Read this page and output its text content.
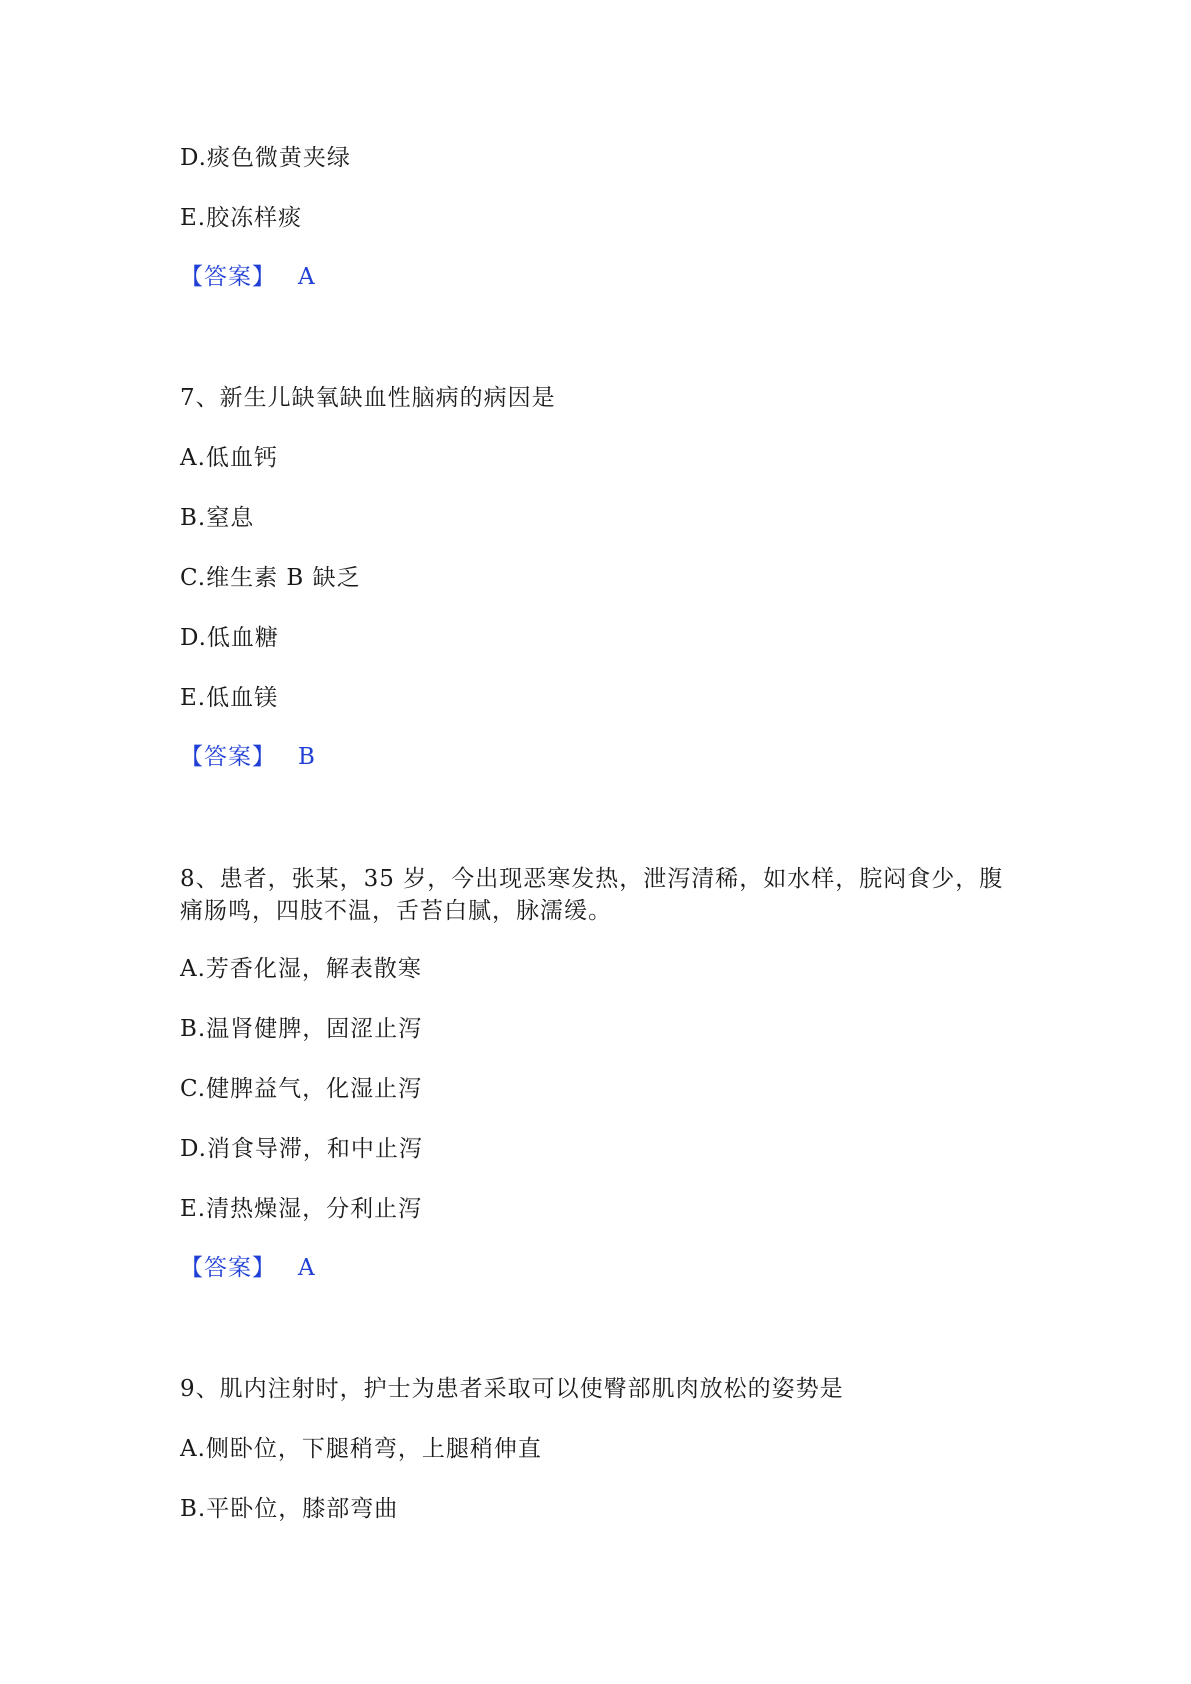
D.痰色微黄夹绿
E.胶冻样痰
【答案】 A
7、新生儿缺氧缺血性脑病的病因是
A.低血钙
B.窒息
C.维生素 B 缺乏
D.低血糖
E.低血镁
【答案】 B
8、患者，张某，35 岁，今出现恶寒发热，泄泻清稀，如水样，脘闷食少，腹
痛肠鸣，四肢不温，舌苔白腻，脉濡缓。
A.芳香化湿，解表散寒
B.温肾健脾，固涩止泻
C.健脾益气，化湿止泻
D.消食导滞，和中止泻
E.清热燥湿，分利止泻
【答案】 A
9、肌内注射时，护士为患者采取可以使臀部肌肉放松的姿势是
A.侧卧位，下腿稍弯，上腿稍伸直
B.平卧位，膝部弯曲
